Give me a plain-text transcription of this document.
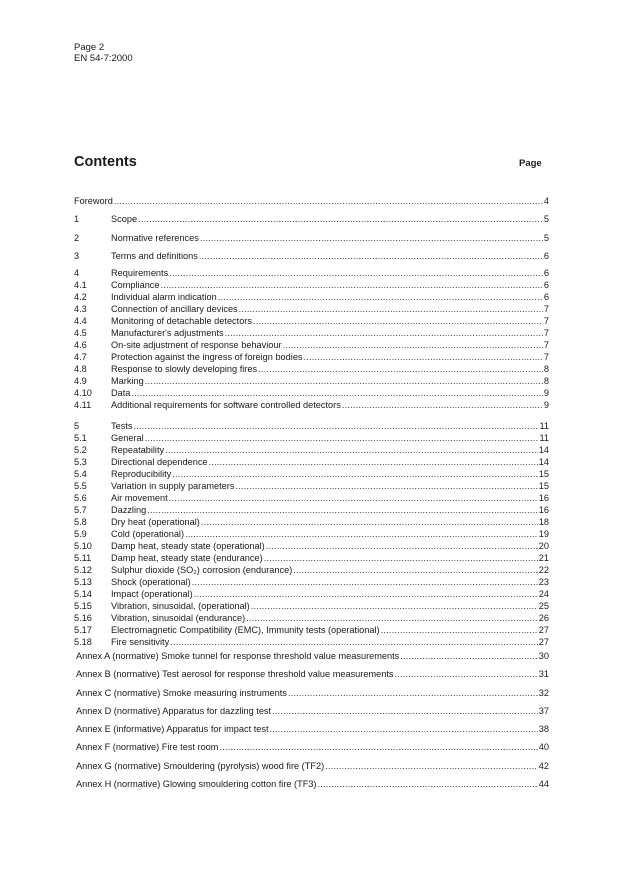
Page 2
EN 54-7:2000
Contents	Page
Foreword .....	4
1	Scope .....	5
2	Normative references .....	5
3	Terms and definitions .....	6
4	Requirements .....	6
4.1	Compliance .....	6
4.2	Individual alarm indication .....	6
4.3	Connection of ancillary devices .....	7
4.4	Monitoring of detachable detectors .....	7
4.5	Manufacturer's adjustments .....	7
4.6	On-site adjustment of response behaviour .....	7
4.7	Protection against the ingress of foreign bodies .....	7
4.8	Response to slowly developing fires .....	8
4.9	Marking .....	8
4.10	Data .....	9
4.11	Additional requirements for software controlled detectors .....	9
5	Tests .....	11
5.1	General .....	11
5.2	Repeatability .....	14
5.3	Directional dependence .....	14
5.4	Reproducibility .....	15
5.5	Variation in supply parameters .....	15
5.6	Air movement .....	16
5.7	Dazzling .....	16
5.8	Dry heat (operational) .....	18
5.9	Cold (operational) .....	19
5.10	Damp heat, steady state (operational) .....	20
5.11	Damp heat, steady state (endurance) .....	21
5.12	Sulphur dioxide (SO₂) corrosion (endurance) .....	22
5.13	Shock (operational) .....	23
5.14	Impact (operational) .....	24
5.15	Vibration, sinusoidal, (operational) .....	25
5.16	Vibration, sinusoidal (endurance) .....	26
5.17	Electromagnetic Compatibility (EMC), Immunity tests (operational) .....	27
5.18	Fire sensitivity .....	27
Annex A (normative) Smoke tunnel for response threshold value measurements .....	30
Annex B (normative) Test aerosol for response threshold value measurements .....	31
Annex C (normative) Smoke measuring instruments .....	32
Annex D (normative) Apparatus for dazzling test .....	37
Annex E (informative) Apparatus for impact test .....	38
Annex F (normative) Fire test room .....	40
Annex G (normative) Smouldering (pyrolysis) wood fire (TF2) .....	42
Annex H (normative) Glowing smouldering cotton fire (TF3) .....	44
